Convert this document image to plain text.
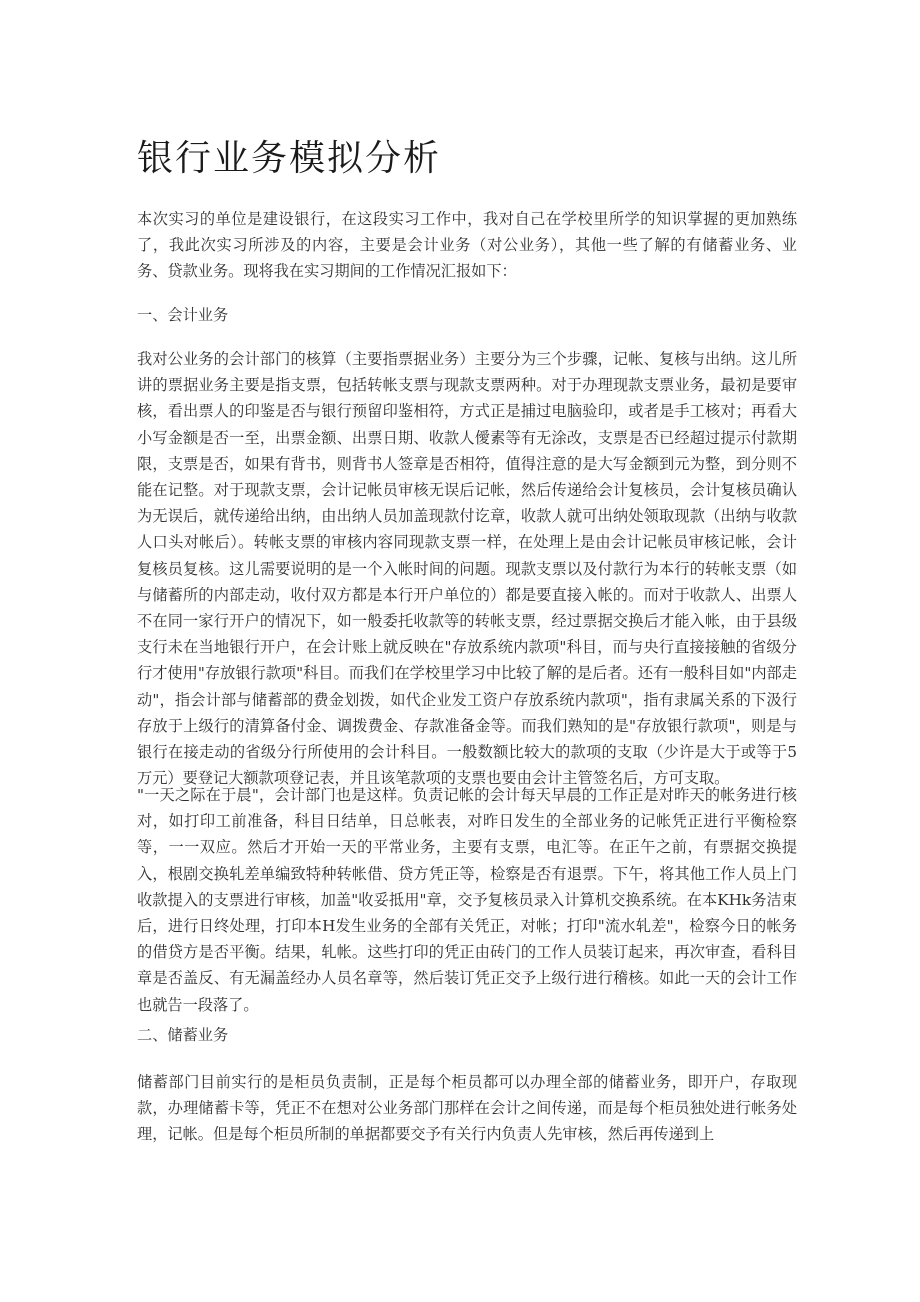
银行业务模拟分析

本次实习的单位是建设银行，在这段实习工作中，我对自己在学校里所学的知识掌握的更加熟练了，我此次实习所涉及的内容，主要是会计业务（对公业务），其他一些了解的有储蓄业务、业务、贷款业务。现将我在实习期间的工作情况汇报如下：

一、会计业务

我对公业务的会计部门的核算（主要指票据业务）主要分为三个步骤，记帐、复核与出纳。这儿所讲的票据业务主要是指支票，包括转帐支票与现款支票两种。对于办理现款支票业务，最初是要审核，看出票人的印鉴是否与银行预留印鉴相符，方式正是捕过电脑验印，或者是手工核对；再看大小写金额是否一至，出票金额、出票日期、收款人僾素等有无涂改，支票是否已经超过提示付款期限，支票是否，如果有背书，则背书人签章是否相符，值得注意的是大写金额到元为整，到分则不能在记整。对于现款支票，会计记帐员审核无误后记帐，然后传递给会计复核员，会计复核员确认为无误后，就传递给出纳，由出纳人员加盖现款付讫章，收款人就可出纳处领取现款（出纳与收款人口头对帐后）。转帐支票的审核内容同现款支票一样，在处理上是由会计记帐员审核记帐，会计复核员复核。这儿需要说明的是一个入帐时间的问题。现款支票以及付款行为本行的转帐支票（如与储蓄所的内部走动，收付双方都是本行开户单位的）都是要直接入帐的。而对于收款人、出票人不在同一家行开户的情况下，如一般委托收款等的转帐支票，经过票据交换后才能入帐，由于县级支行未在当地银行开户，在会计账上就反映在"存放系统内款项"科目，而与央行直接接触的省级分行才使用"存放银行款项"科目。而我们在学校里学习中比较了解的是后者。还有一般科目如"内部走动"，指会计部与储蓄部的费金划拨，如代企业发工资户存放系统内款项"，指有隶属关系的下汲行存放于上级行的清算备付金、调拨费金、存款准备金等。而我们熟知的是"存放银行款项"，则是与银行在接走动的省级分行所使用的会计科目。一般数额比较大的款项的支取（少许是大于或等于5万元）要登记大额款项登记表，并且该笔款项的支票也要由会计主管签名后，方可支取。

"一天之际在于晨"，会计部门也是这样。负责记帐的会计每天早晨的工作正是对昨天的帐务进行核对，如打印工前准备，科目日结单，日总帐表，对昨日发生的全部业务的记帐凭正进行平衡检察等，一一双应。然后才开始一天的平常业务，主要有支票，电汇等。在正午之前，有票据交换提入，根剧交换轧差单编致特种转帐借、贷方凭正等，检察是否有退票。下午，将其他工作人员上门收款提入的支票进行审核，加盖"收妥抵用"章，交予复核员录入计算机交换系统。在本KHk务洁束后，进行日终处理，打印本H发生业务的全部有关凭正，对帐；打印"流水轧差"，检察今日的帐务的借贷方是否平衡。结果，轧帐。这些打印的凭正由砖门的工作人员装订起来，再次审查，看科目章是否盖反、有无漏盖经办人员名章等，然后装订凭正交予上级行进行稽核。如此一天的会计工作也就告一段落了。

二、储蓄业务

储蓄部门目前实行的是柜员负责制，正是每个柜员都可以办理全部的储蓄业务，即开户，存取现款，办理储蓄卡等，凭正不在想对公业务部门那样在会计之间传递，而是每个柜员独处进行帐务处理，记帐。但是每个柜员所制的单据都要交予有关行内负责人先审核，然后再传递到上
